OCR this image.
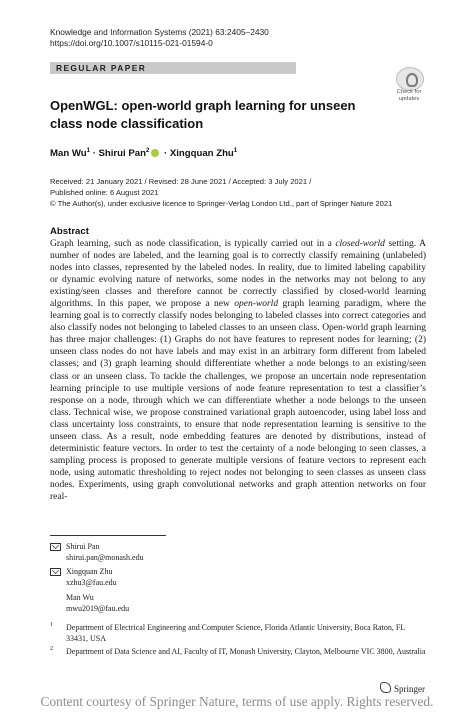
Knowledge and Information Systems (2021) 63:2405–2430
https://doi.org/10.1007/s10115-021-01594-0
REGULAR PAPER
Check for updates
OpenWGL: open-world graph learning for unseen class node classification
Man $Wu^1$ · Shirui Pan$^2$ · Xingquan Zhu$^1$
Received: 21 January 2021 / Revised: 28 June 2021 / Accepted: 3 July 2021 /
Published online: 6 August 2021
© The Author(s), under exclusive licence to Springer-Verlag London Ltd., part of Springer Nature 2021
Abstract
Graph learning, such as node classification, is typically carried out in a closed-world setting. A number of nodes are labeled, and the learning goal is to correctly classify remaining (unlabeled) nodes into classes, represented by the labeled nodes. In reality, due to limited labeling capability or dynamic evolving nature of networks, some nodes in the networks may not belong to any existing/seen classes and therefore cannot be correctly classified by closed-world learning algorithms. In this paper, we propose a new open-world graph learning paradigm, where the learning goal is to correctly classify nodes belonging to labeled classes into correct categories and also classify nodes not belonging to labeled classes to an unseen class. Open-world graph learning has three major challenges: (1) Graphs do not have features to represent nodes for learning; (2) unseen class nodes do not have labels and may exist in an arbitrary form different from labeled classes; and (3) graph learning should differentiate whether a node belongs to an existing/seen class or an unseen class. To tackle the challenges, we propose an uncertain node representation learning principle to use multiple versions of node feature representation to test a classifier’s response on a node, through which we can differentiate whether a node belongs to the unseen class. Technical wise, we propose constrained variational graph autoencoder, using label loss and class uncertainty loss constraints, to ensure that node representation learning is sensitive to the unseen class. As a result, node embedding features are denoted by distributions, instead of deterministic feature vectors. In order to test the certainty of a node belonging to seen classes, a sampling process is proposed to generate multiple versions of feature vectors to represent each node, using automatic thresholding to reject nodes not belonging to seen classes as unseen class nodes. Experiments, using graph convolutional networks and graph attention networks on four real-
Shirui Pan
shirui.pan@monash.edu
Xingquan Zhu
xzhu3@fau.edu
Man Wu
mwu2019@fau.edu
1 Department of Electrical Engineering and Computer Science, Florida Atlantic University, Boca Raton, FL 33431, USA
2 Department of Data Science and AI, Faculty of IT, Monash University, Clayton, Melbourne VIC 3800, Australia
Springer
Content courtesy of Springer Nature, terms of use apply. Rights reserved.
